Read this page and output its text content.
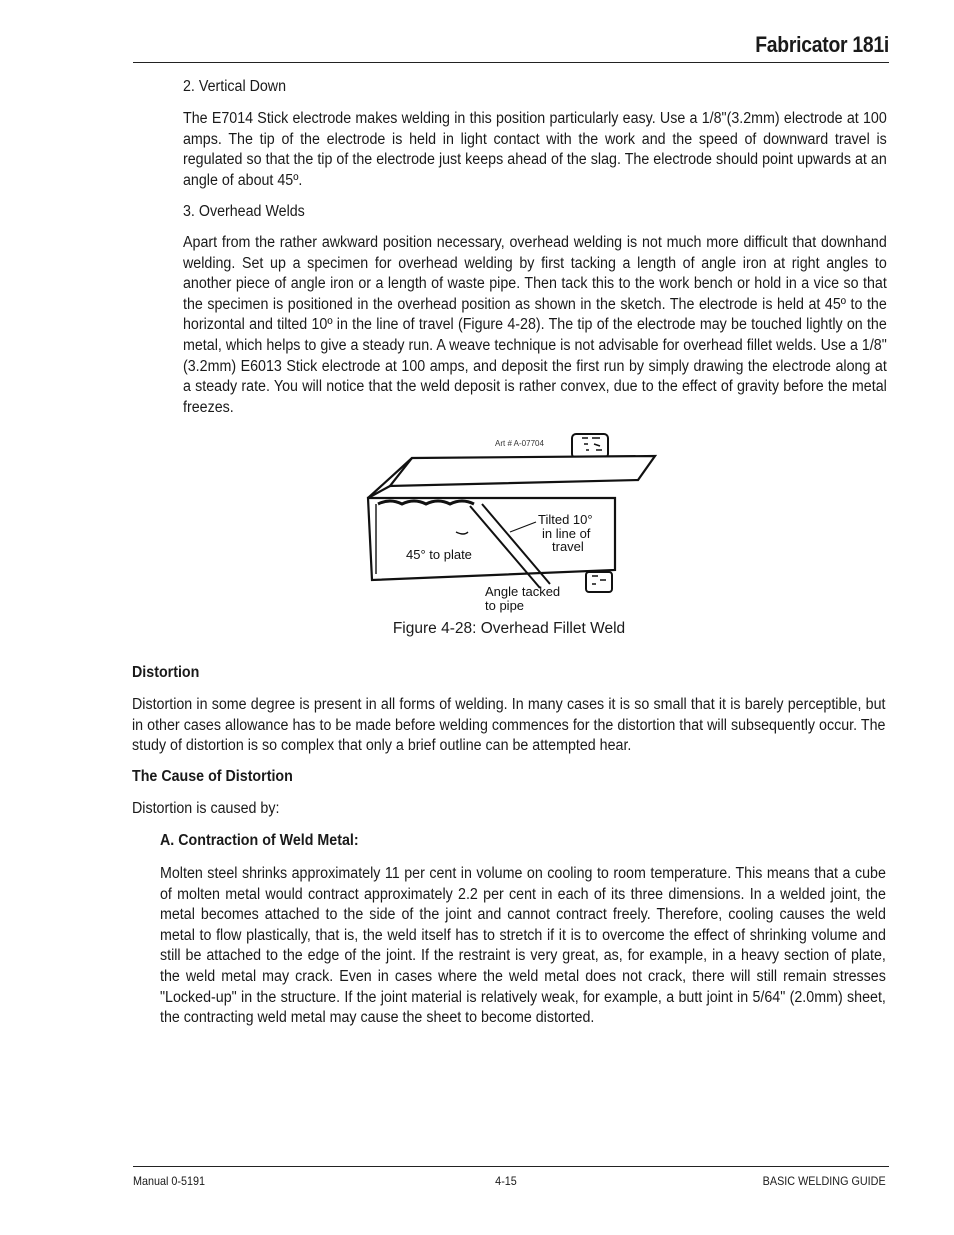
Fabricator 181i

2. Vertical Down

The E7014 Stick electrode makes welding in this position particularly easy. Use a 1/8"(3.2mm) electrode at 100 amps. The tip of the electrode is held in light contact with the work and the speed of downward travel is regulated so that the tip of the electrode just keeps ahead of the slag. The electrode should point upwards at an angle of about 45º.

3. Overhead Welds

Apart from the rather awkward position necessary, overhead welding is not much more difficult that downhand welding. Set up a specimen for overhead welding by first tacking a length of angle iron at right angles to another piece of angle iron or a length of waste pipe. Then tack this to the work bench or hold in a vice so that the specimen is positioned in the overhead position as shown in the sketch. The electrode is held at 45º to the horizontal and tilted 10º in the line of travel (Figure 4-28). The tip of the electrode may be touched lightly on the metal, which helps to give a steady run. A weave technique is not advisable for overhead fillet welds. Use a 1/8"(3.2mm) E6013 Stick electrode at 100 amps, and deposit the first run by simply drawing the electrode along at a steady rate. You will notice that the weld deposit is rather convex, due to the effect of gravity before the metal freezes.

Art # A-07704
Tilted 10°
in line of
travel
45° to plate
Angle tacked
to pipe
Figure 4-28: Overhead Fillet Weld

Distortion

Distortion in some degree is present in all forms of welding. In many cases it is so small that it is barely perceptible, but in other cases allowance has to be made before welding commences for the distortion that will subsequently occur. The study of distortion is so complex that only a brief outline can be attempted hear.

The Cause of Distortion

Distortion is caused by:

A. Contraction of Weld Metal:

Molten steel shrinks approximately 11 per cent in volume on cooling to room temperature. This means that a cube of molten metal would contract approximately 2.2 per cent in each of its three dimensions. In a welded joint, the metal becomes attached to the side of the joint and cannot contract freely. Therefore, cooling causes the weld metal to flow plastically, that is, the weld itself has to stretch if it is to overcome the effect of shrinking volume and still be attached to the edge of the joint. If the restraint is very great, as, for example, in a heavy section of plate, the weld metal may crack. Even in cases where the weld metal does not crack, there will still remain stresses "Locked-up" in the structure. If the joint material is relatively weak, for example, a butt joint in 5/64" (2.0mm) sheet, the contracting weld metal may cause the sheet to become distorted.

Manual 0-5191	4-15	BASIC WELDING GUIDE
